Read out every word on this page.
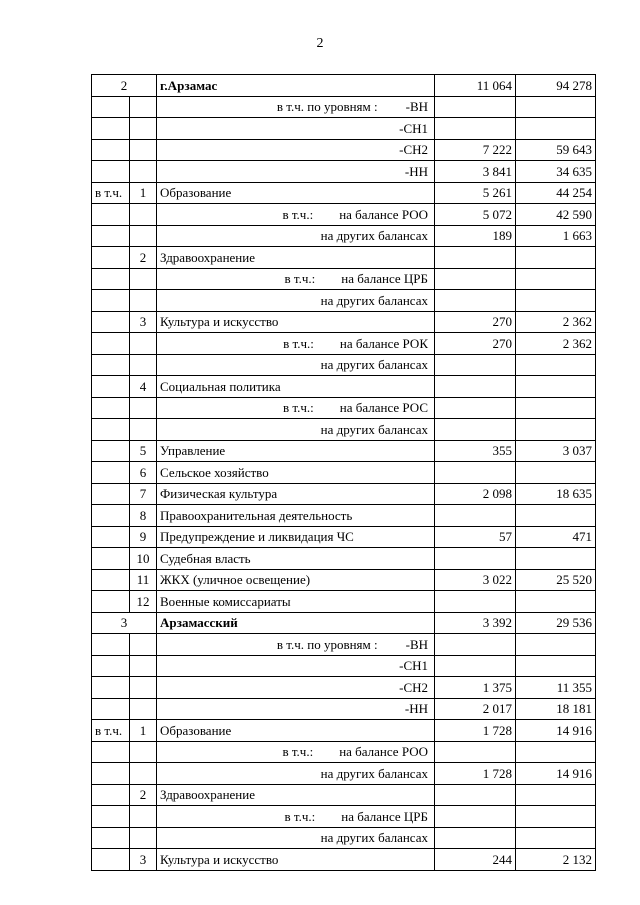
2
2		г.Арзамас	11 064	94 278
		в т.ч. по уровням : -ВН		
		-СН1		
		-СН2	7 222	59 643
		-НН	3 841	34 635
в т.ч.	1	Образование	5 261	44 254
		в т.ч.: на балансе РОО	5 072	42 590
		на других балансах	189	1 663
	2	Здравоохранение		
		в т.ч.: на балансе ЦРБ		
		на других балансах		
	3	Культура и искусство	270	2 362
		в т.ч.: на балансе РОК	270	2 362
		на других балансах		
	4	Социальная политика		
		в т.ч.: на балансе РОС		
		на других балансах		
	5	Управление	355	3 037
	6	Сельское хозяйство		
	7	Физическая культура	2 098	18 635
	8	Правоохранительная деятельность		
	9	Предупреждение и ликвидация ЧС	57	471
	10	Судебная власть		
	11	ЖКХ (уличное освещение)	3 022	25 520
	12	Военные комиссариаты		
3		Арзамасский	3 392	29 536
		в т.ч. по уровням : -ВН		
		-СН1		
		-СН2	1 375	11 355
		-НН	2 017	18 181
в т.ч.	1	Образование	1 728	14 916
		в т.ч.: на балансе РОО		
		на других балансах	1 728	14 916
	2	Здравоохранение		
		в т.ч.: на балансе ЦРБ		
		на других балансах		
	3	Культура и искусство	244	2 132
